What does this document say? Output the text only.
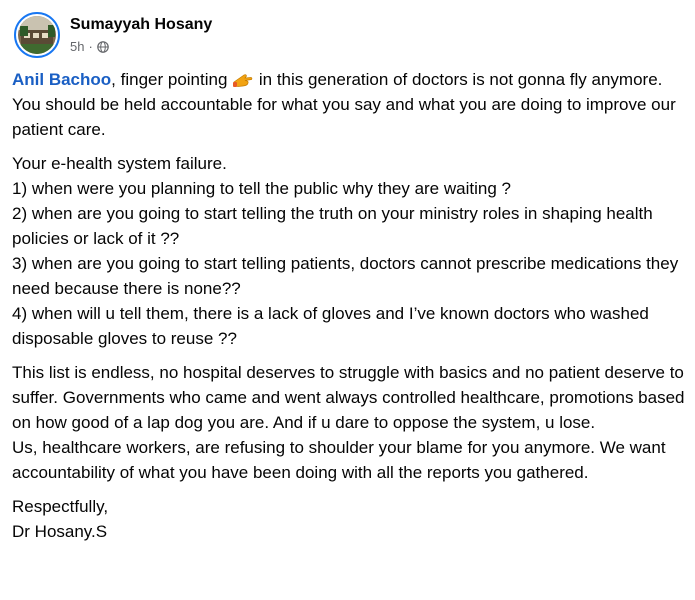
Sumayyah Hosany
5h ·

Anil Bachoo, finger pointing  in this generation of doctors is not gonna fly anymore. You should be held accountable for what you say and what you are doing to improve our patient care.

Your e-health system failure.
1) when were you planning to tell the public why they are waiting ?
2) when are you going to start telling the truth on your ministry roles in shaping health policies or lack of it ??
3) when are you going to start telling patients, doctors cannot prescribe medications they need because there is none??
4) when will u tell them, there is a lack of gloves and I’ve known doctors who washed disposable gloves to reuse ??

This list is endless, no hospital deserves to struggle with basics and no patient deserve to suffer. Governments who came and went always controlled healthcare, promotions based on how good of a lap dog you are. And if u dare to oppose the system, u lose.
Us, healthcare workers, are refusing to shoulder your blame for you anymore. We want accountability of what you have been doing with all the reports you gathered.

Respectfully,
Dr Hosany.S
